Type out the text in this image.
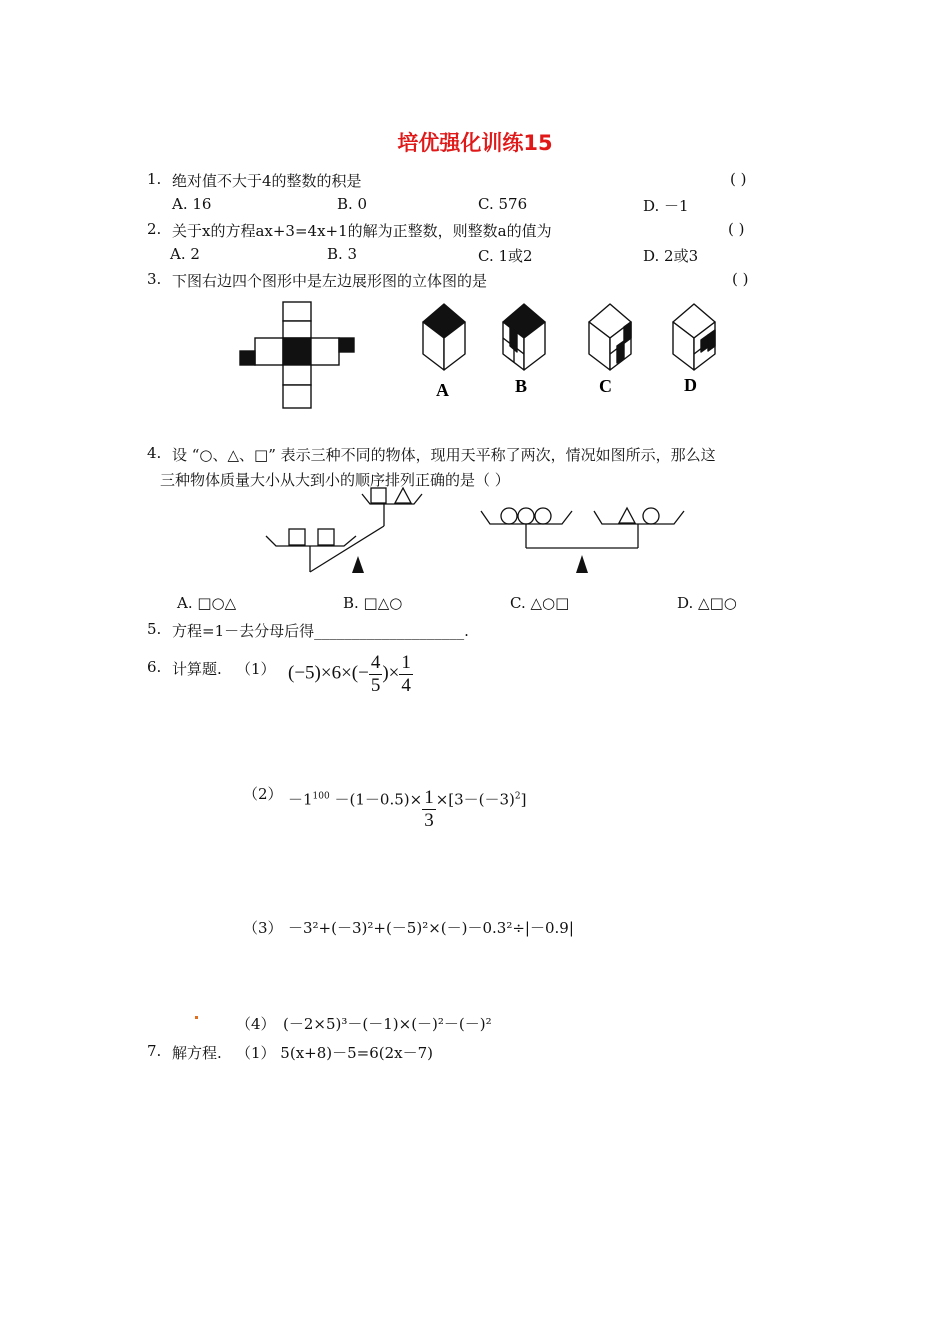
培优强化训练15
1. 绝对值不大于4的整数的积是	( )
A. 16	B. 0	C. 576	D. －1
2. 关于x的方程ax+3=4x+1的解为正整数，则整数a的值为	( )
A. 2	B. 3	C. 1或2	D. 2或3
3. 下图右边四个图形中是左边展形图的立体图的是	( )
A	B	C	D
4. 设 “○、△、□” 表示三种不同的物体，现用天平称了两次，情况如图所示，那么这
三种物体质量大小从大到小的顺序排列正确的是（ ）
A. □○△	B. □△○	C. △○□	D. △□○
5. 方程=1－去分母后得____________________.
6. 计算题. （1） $(-5)\times 6\times(- \frac{4}{5}$ )× $\frac{1}{4}$
$(2) -1^{100} -(1-0.5)\times \frac{1}{3} \times[3-(-3)^2]$
（3） －3²+(－3)²+(－5)²×(－)－0.3²÷|－0.9|
（4） (－2×5)³－(－1)×(－)²－(－)²
7. 解方程. （1） 5(x+8)－5=6(2x－7)
